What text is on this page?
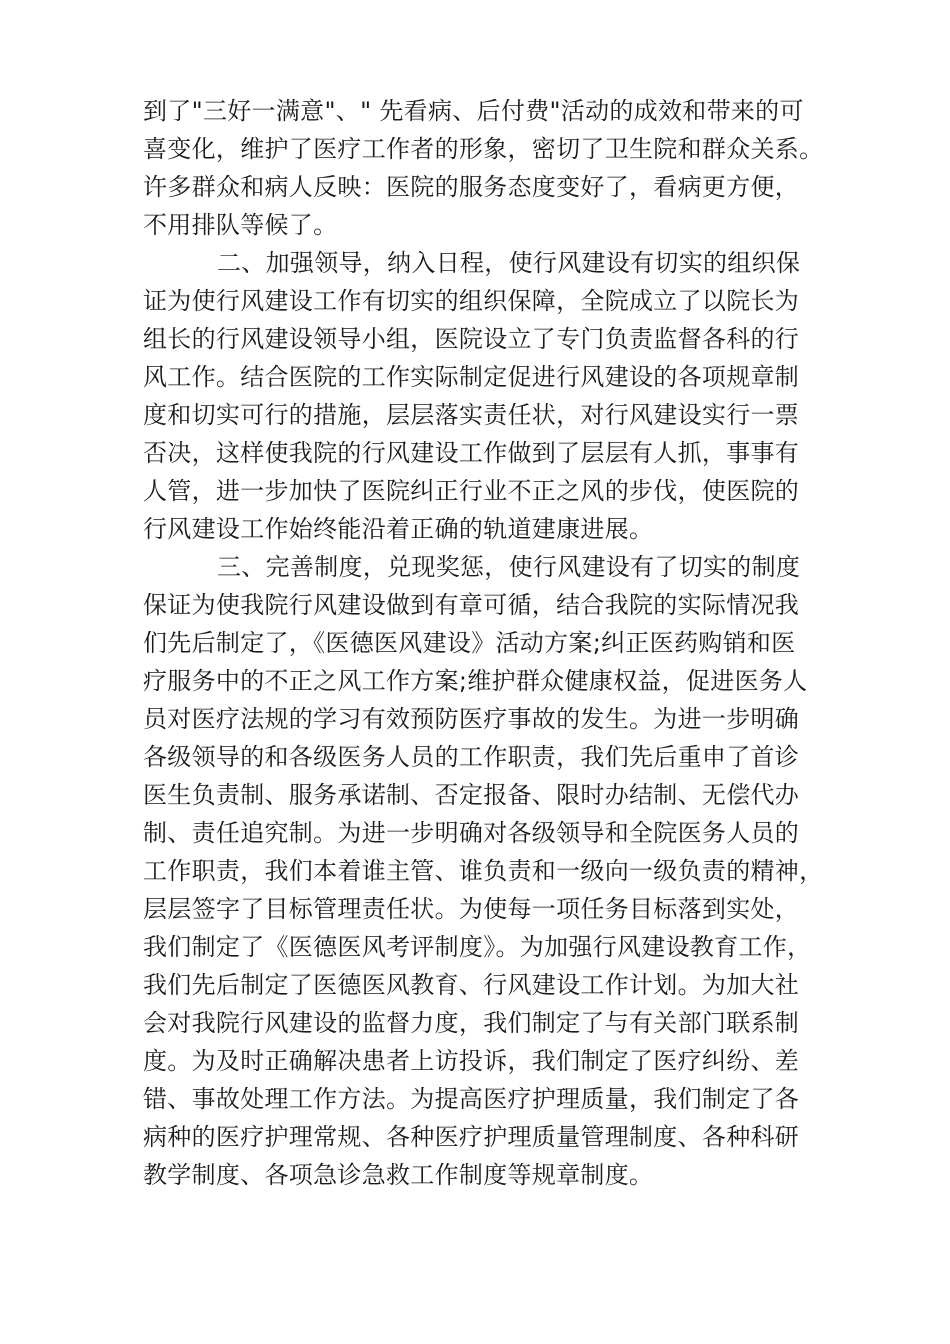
到了"三好一满意"、" 先看病、后付费"活动的成效和带来的可
喜变化，维护了医疗工作者的形象，密切了卫生院和群众关系。
许多群众和病人反映：医院的服务态度变好了，看病更方便，
不用排队等候了。
二、加强领导，纳入日程，使行风建设有切实的组织保
证为使行风建设工作有切实的组织保障，全院成立了以院长为
组长的行风建设领导小组，医院设立了专门负责监督各科的行
风工作。结合医院的工作实际制定促进行风建设的各项规章制
度和切实可行的措施，层层落实责任状，对行风建设实行一票
否决，这样使我院的行风建设工作做到了层层有人抓，事事有
人管，进一步加快了医院纠正行业不正之风的步伐，使医院的
行风建设工作始终能沿着正确的轨道建康进展。
三、完善制度，兑现奖惩，使行风建设有了切实的制度
保证为使我院行风建设做到有章可循，结合我院的实际情况我
们先后制定了，《医德医风建设》活动方案;纠正医药购销和医
疗服务中的不正之风工作方案;维护群众健康权益，促进医务人
员对医疗法规的学习有效预防医疗事故的发生。为进一步明确
各级领导的和各级医务人员的工作职责，我们先后重申了首诊
医生负责制、服务承诺制、否定报备、限时办结制、无偿代办
制、责任追究制。为进一步明确对各级领导和全院医务人员的
工作职责，我们本着谁主管、谁负责和一级向一级负责的精神，
层层签字了目标管理责任状。为使每一项任务目标落到实处，
我们制定了《医德医风考评制度》。为加强行风建设教育工作，
我们先后制定了医德医风教育、行风建设工作计划。为加大社
会对我院行风建设的监督力度，我们制定了与有关部门联系制
度。为及时正确解决患者上访投诉，我们制定了医疗纠纷、差
错、事故处理工作方法。为提高医疗护理质量，我们制定了各
病种的医疗护理常规、各种医疗护理质量管理制度、各种科研
教学制度、各项急诊急救工作制度等规章制度。
